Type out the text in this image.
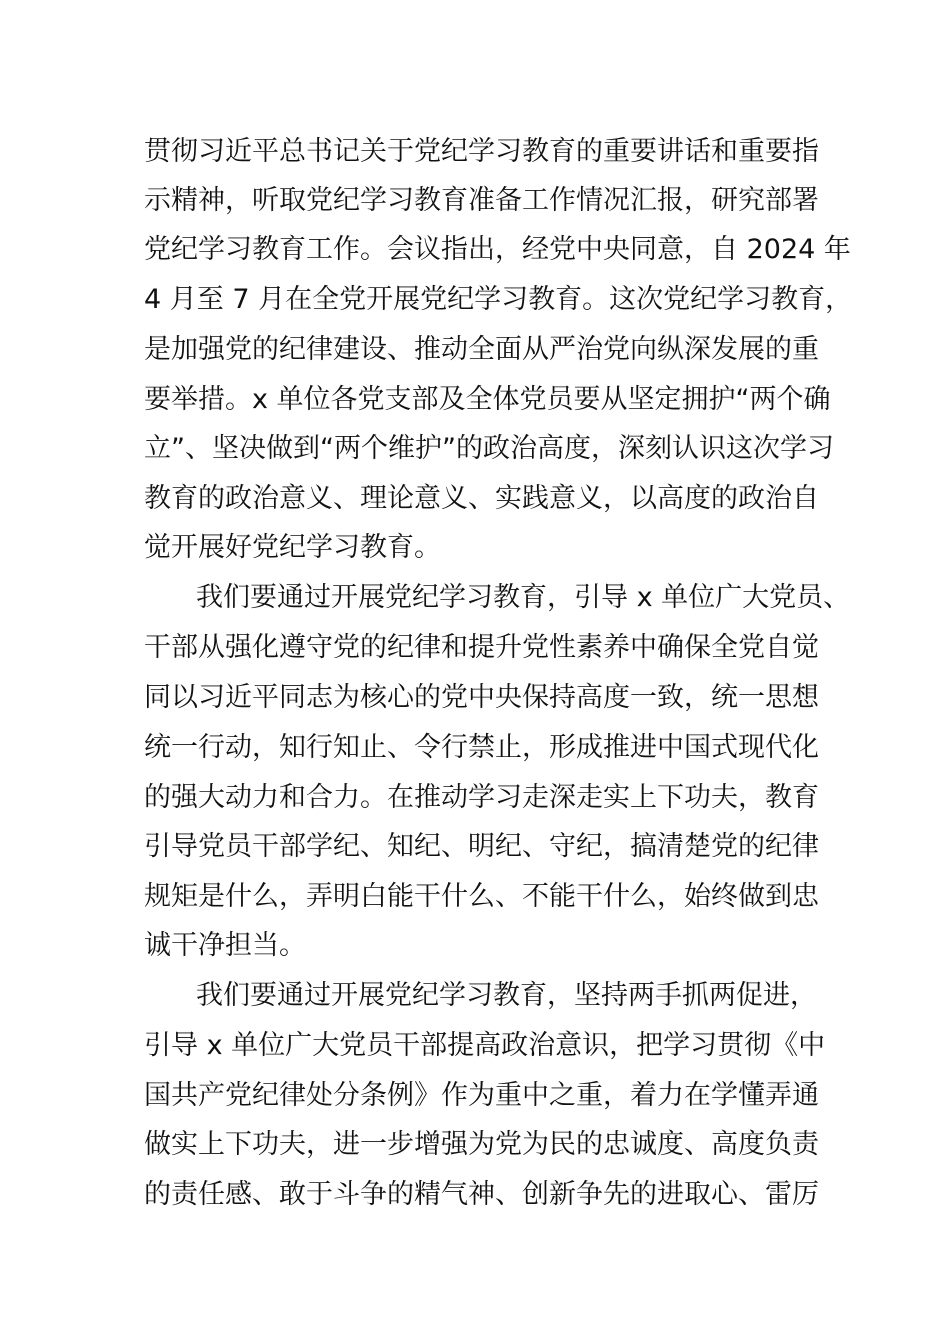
贯彻习近平总书记关于党纪学习教育的重要讲话和重要指
示精神，听取党纪学习教育准备工作情况汇报，研究部署
党纪学习教育工作。会议指出，经党中央同意，自 2024 年
4 月至 7 月在全党开展党纪学习教育。这次党纪学习教育，
是加强党的纪律建设、推动全面从严治党向纵深发展的重
要举措。x 单位各党支部及全体党员要从坚定拥护“两个确
立”、坚决做到“两个维护”的政治高度，深刻认识这次学习
教育的政治意义、理论意义、实践意义，以高度的政治自
觉开展好党纪学习教育。
我们要通过开展党纪学习教育，引导 x 单位广大党员、
干部从强化遵守党的纪律和提升党性素养中确保全党自觉
同以习近平同志为核心的党中央保持高度一致，统一思想
统一行动，知行知止、令行禁止，形成推进中国式现代化
的强大动力和合力。在推动学习走深走实上下功夫，教育
引导党员干部学纪、知纪、明纪、守纪，搞清楚党的纪律
规矩是什么，弄明白能干什么、不能干什么，始终做到忠
诚干净担当。
我们要通过开展党纪学习教育，坚持两手抓两促进，
引导 x 单位广大党员干部提高政治意识，把学习贯彻《中
国共产党纪律处分条例》作为重中之重，着力在学懂弄通
做实上下功夫，进一步增强为党为民的忠诚度、高度负责
的责任感、敢于斗争的精气神、创新争先的进取心、雷厉
